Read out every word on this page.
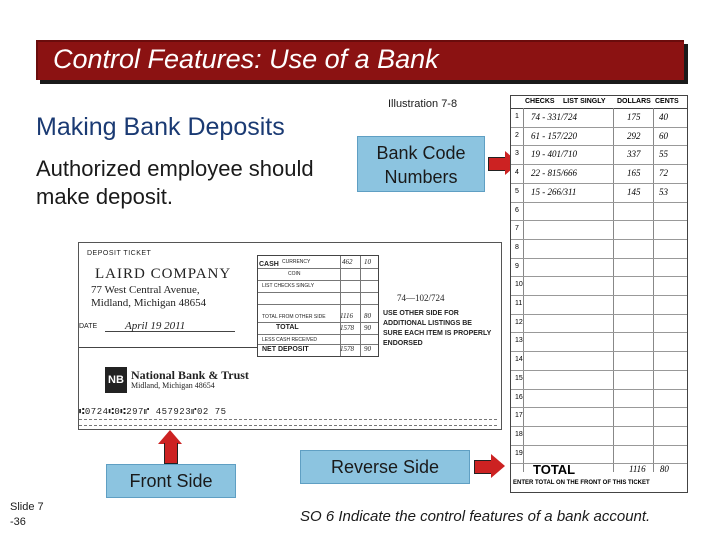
Control Features: Use of a Bank
Making Bank Deposits
Authorized employee should make deposit.
Illustration 7-8
Bank Code Numbers
DEPOSIT TICKET
LAIRD COMPANY
77 West Central Avenue,
Midland, Michigan 48654
DATE	April 19 2011
NB National Bank & Trust
Midland, Michigan 48654
⑆0724⑆0⑆297⑈ 457923⑈02 75
CASH CURRENCY	462 10
COIN
LIST CHECKS SINGLY
TOTAL FROM OTHER SIDE 1116 80
TOTAL	1578 90
LESS CASH RECEIVED
NET DEPOSIT	1578 90
74—102/724
USE OTHER SIDE FOR ADDITIONAL LISTINGS BE SURE EACH ITEM IS PROPERLY ENDORSED
Front Side
Reverse Side
CHECKS LIST SINGLY DOLLARS CENTS
1 74 - 331/724	175 40
2 61 - 157/220	292 60
3 19 - 401/710	337 55
4 22 - 815/666	165 72
5 15 - 266/311	145 53
6
7
8
9
10
11
12
13
14
15
16
17
18
19
TOTAL	1116 80
ENTER TOTAL ON THE FRONT OF THIS TICKET
Slide 7 -36	SO 6 Indicate the control features of a bank account.
